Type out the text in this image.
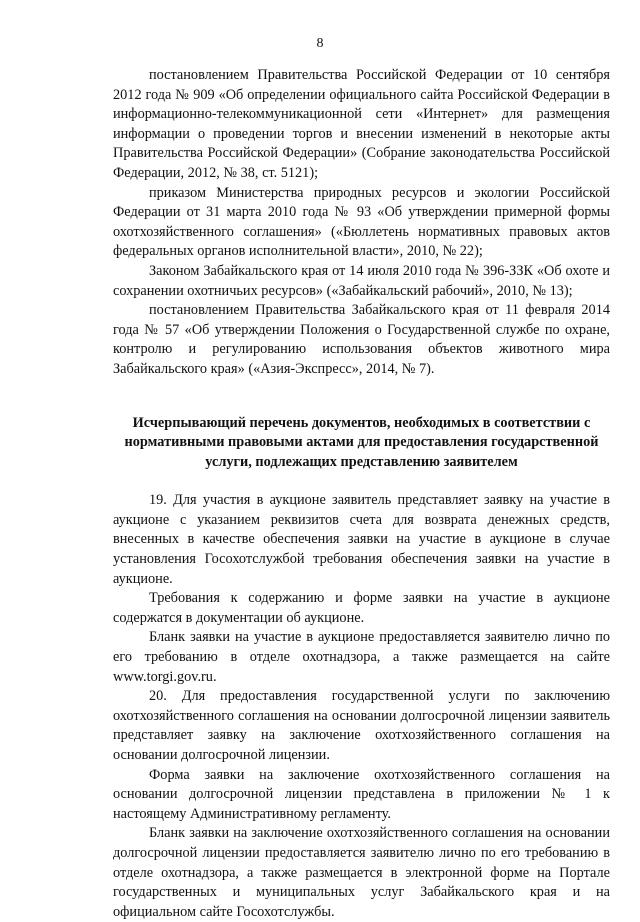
8

постановлением Правительства Российской Федерации от 10 сентября 2012 года № 909 «Об определении официального сайта Российской Федерации в информационно-телекоммуникационной сети «Интернет» для размещения информации о проведении торгов и внесении изменений в некоторые акты Правительства Российской Федерации» (Собрание законодательства Российской Федерации, 2012, № 38, ст. 5121);

приказом Министерства природных ресурсов и экологии Российской Федерации от 31 марта 2010 года № 93 «Об утверждении примерной формы охотхозяйственного соглашения» («Бюллетень нормативных правовых актов федеральных органов исполнительной власти», 2010, № 22);

Законом Забайкальского края от 14 июля 2010 года № 396-ЗЗК «Об охоте и сохранении охотничьих ресурсов» («Забайкальский рабочий», 2010, № 13);

постановлением Правительства Забайкальского края от 11 февраля 2014 года № 57 «Об утверждении Положения о Государственной службе по охране, контролю и регулированию использования объектов животного мира Забайкальского края» («Азия-Экспресс», 2014, № 7).

Исчерпывающий перечень документов, необходимых в соответствии с нормативными правовыми актами для предоставления государственной услуги, подлежащих представлению заявителем

19. Для участия в аукционе заявитель представляет заявку на участие в аукционе с указанием реквизитов счета для возврата денежных средств, внесенных в качестве обеспечения заявки на участие в аукционе в случае установления Госохотслужбой требования обеспечения заявки на участие в аукционе.

Требования к содержанию и форме заявки на участие в аукционе содержатся в документации об аукционе.

Бланк заявки на участие в аукционе предоставляется заявителю лично по его требованию в отделе охотнадзора, а также размещается на сайте www.torgi.gov.ru.

20. Для предоставления государственной услуги по заключению охотхозяйственного соглашения на основании долгосрочной лицензии заявитель представляет заявку на заключение охотхозяйственного соглашения на основании долгосрочной лицензии.

Форма заявки на заключение охотхозяйственного соглашения на основании долгосрочной лицензии представлена в приложении № 1 к настоящему Административному регламенту.

Бланк заявки на заключение охотхозяйственного соглашения на основании долгосрочной лицензии предоставляется заявителю лично по его требованию в отделе охотнадзора, а также размещается в электронной форме на Портале государственных и муниципальных услуг Забайкальского края и на официальном сайте Госохотслужбы.
